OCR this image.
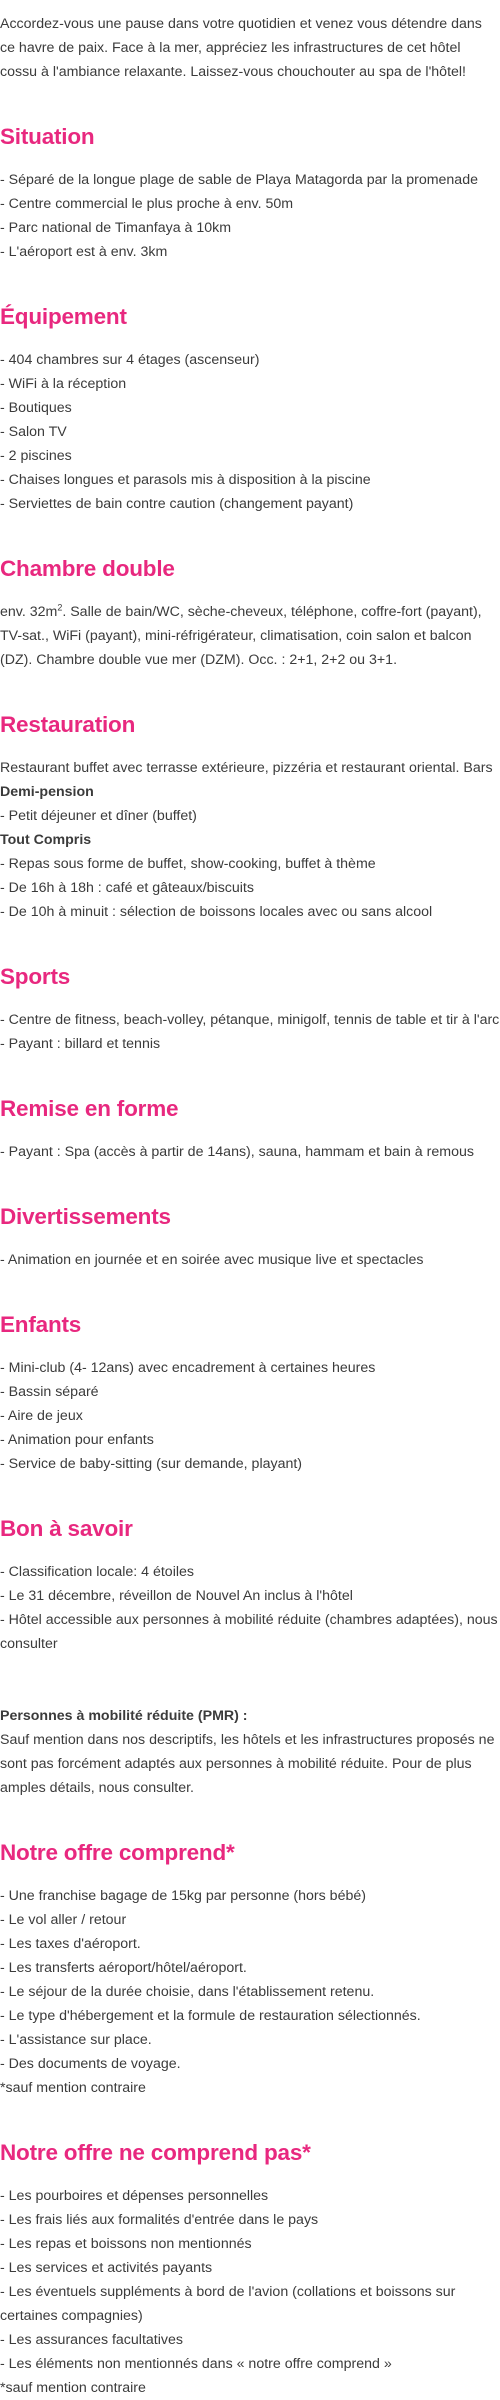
Accordez-vous une pause dans votre quotidien et venez vous détendre dans ce havre de paix. Face à la mer, appréciez les infrastructures de cet hôtel cossu à l'ambiance relaxante. Laissez-vous chouchouter au spa de l'hôtel!

Situation
- Séparé de la longue plage de sable de Playa Matagorda par la promenade
- Centre commercial le plus proche à env. 50m
- Parc national de Timanfaya à 10km
- L'aéroport est à env. 3km
Équipement
- 404 chambres sur 4 étages (ascenseur)
- WiFi à la réception
- Boutiques
- Salon TV
- 2 piscines
- Chaises longues et parasols mis à disposition à la piscine
- Serviettes de bain contre caution (changement payant)
Chambre double

env. $32m^2$. Salle de bain/WC, sèche-cheveux, téléphone, coffre-fort (payant), TV-sat., WiFi (payant), mini-réfrigérateur, climatisation, coin salon et balcon (DZ). Chambre double vue mer (DZM). Occ. : 2+1, 2+2 ou 3+1.

Restauration
Restaurant buffet avec terrasse extérieure, pizzéria et restaurant oriental. Bars
Demi-pension
- Petit déjeuner et dîner (buffet)
Tout Compris
- Repas sous forme de buffet, show-cooking, buffet à thème
- De 16h à 18h : café et gâteaux/biscuits
- De 10h à minuit : sélection de boissons locales avec ou sans alcool
Sports
- Centre de fitness, beach-volley, pétanque, minigolf, tennis de table et tir à l'arc
- Payant : billard et tennis
Remise en forme
- Payant : Spa (accès à partir de 14ans), sauna, hammam et bain à remous
Divertissements
- Animation en journée et en soirée avec musique live et spectacles
Enfants
- Mini-club (4- 12ans) avec encadrement à certaines heures
- Bassin séparé
- Aire de jeux
- Animation pour enfants
- Service de baby-sitting (sur demande, playant)
Bon à savoir
- Classification locale: 4 étoiles
- Le 31 décembre, réveillon de Nouvel An inclus à l'hôtel

- Hôtel accessible aux personnes à mobilité réduite (chambres adaptées), nous consulter

Personnes à mobilité réduite (PMR) :

Sauf mention dans nos descriptifs, les hôtels et les infrastructures proposés ne sont pas forcément adaptés aux personnes à mobilité réduite. Pour de plus amples détails, nous consulter.

Notre offre comprend*
- Une franchise bagage de 15kg par personne (hors bébé)
- Le vol aller / retour
- Les taxes d'aéroport.
- Les transferts aéroport/hôtel/aéroport.
- Le séjour de la durée choisie, dans l'établissement retenu.
- Le type d'hébergement et la formule de restauration sélectionnés.
- L'assistance sur place.
- Des documents de voyage.
*sauf mention contraire
Notre offre ne comprend pas*
- Les pourboires et dépenses personnelles
- Les frais liés aux formalités d'entrée dans le pays
- Les repas et boissons non mentionnés
- Les services et activités payants

- Les éventuels suppléments à bord de l'avion (collations et boissons sur certaines compagnies)

- Les assurances facultatives
- Les éléments non mentionnés dans « notre offre comprend »
*sauf mention contraire
